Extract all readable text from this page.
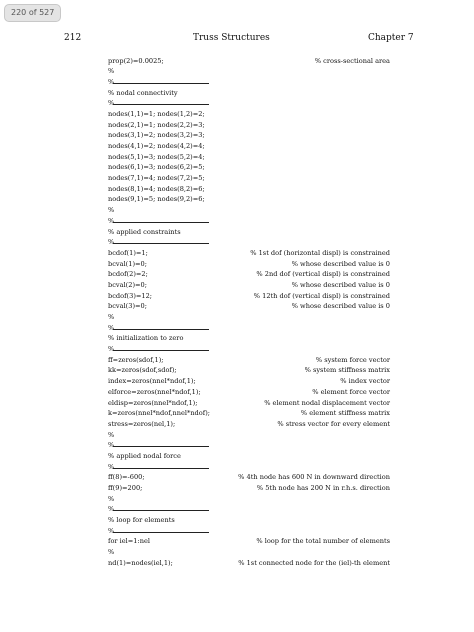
220 of 527
212	Truss Structures	Chapter 7
prop(2)=0.0025;	% cross-sectional area
%
%
% nodal connectivity
%
nodes(1,1)=1; nodes(1,2)=2;
nodes(2,1)=1; nodes(2,2)=3;
nodes(3,1)=2; nodes(3,2)=3;
nodes(4,1)=2; nodes(4,2)=4;
nodes(5,1)=3; nodes(5,2)=4;
nodes(6,1)=3; nodes(6,2)=5;
nodes(7,1)=4; nodes(7,2)=5;
nodes(8,1)=4; nodes(8,2)=6;
nodes(9,1)=5; nodes(9,2)=6;
%
%
% applied constraints
%
bcdof(1)=1;	% 1st dof (horizontal displ) is constrained
bcval(1)=0;	% whose described value is 0
bcdof(2)=2;	% 2nd dof (vertical displ) is constrained
bcval(2)=0;	% whose described value is 0
bcdof(3)=12;	% 12th dof (vertical displ) is constrained
bcval(3)=0;	% whose described value is 0
%
%
% initialization to zero
%
ff=zeros(sdof,1);	% system force vector
kk=zeros(sdof,sdof);	% system stiffness matrix
index=zeros(nnel*ndof,1);	% index vector
elforce=zeros(nnel*ndof,1);	% element force vector
eldisp=zeros(nnel*ndof,1);	% element nodal displacement vector
k=zeros(nnel*ndof,nnel*ndof);	% element stiffness matrix
stress=zeros(nel,1);	% stress vector for every element
%
%
% applied nodal force
%
ff(8)=-600;	% 4th node has 600 N in downward direction
ff(9)=200;	% 5th node has 200 N in r.h.s. direction
%
%
% loop for elements
%
for iel=1:nel	% loop for the total number of elements
%
nd(1)=nodes(iel,1);	% 1st connected node for the (iel)-th element
